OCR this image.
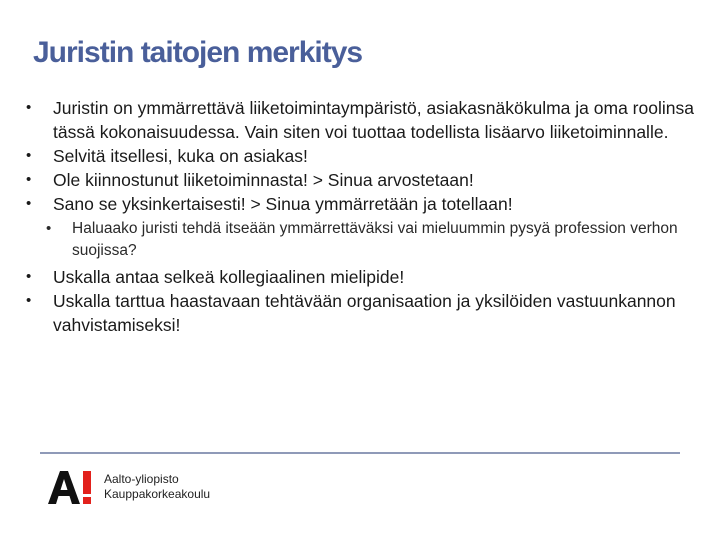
Juristin taitojen merkitys
• Juristin on ymmärrettävä liiketoimintaympäristö, asiakasnäkökulma ja oma roolinsa tässä kokonaisuudessa. Vain siten voi tuottaa todellista lisäarvo liiketoiminnalle.
• Selvitä itsellesi, kuka on asiakas!
• Ole kiinnostunut liiketoiminnasta! > Sinua arvostetaan!
• Sano se yksinkertaisesti! > Sinua ymmärretään ja totellaan!
• Haluaako juristi tehdä itseään ymmärrettäväksi vai mieluummin pysyä profession verhon suojissa?
• Uskalla antaa selkeä kollegiaalinen mielipide!
• Uskalla tarttua haastavaan tehtävään organisaation ja yksilöiden vastuunkannon vahvistamiseksi!
Aalto-yliopisto
Kauppakorkeakoulu
